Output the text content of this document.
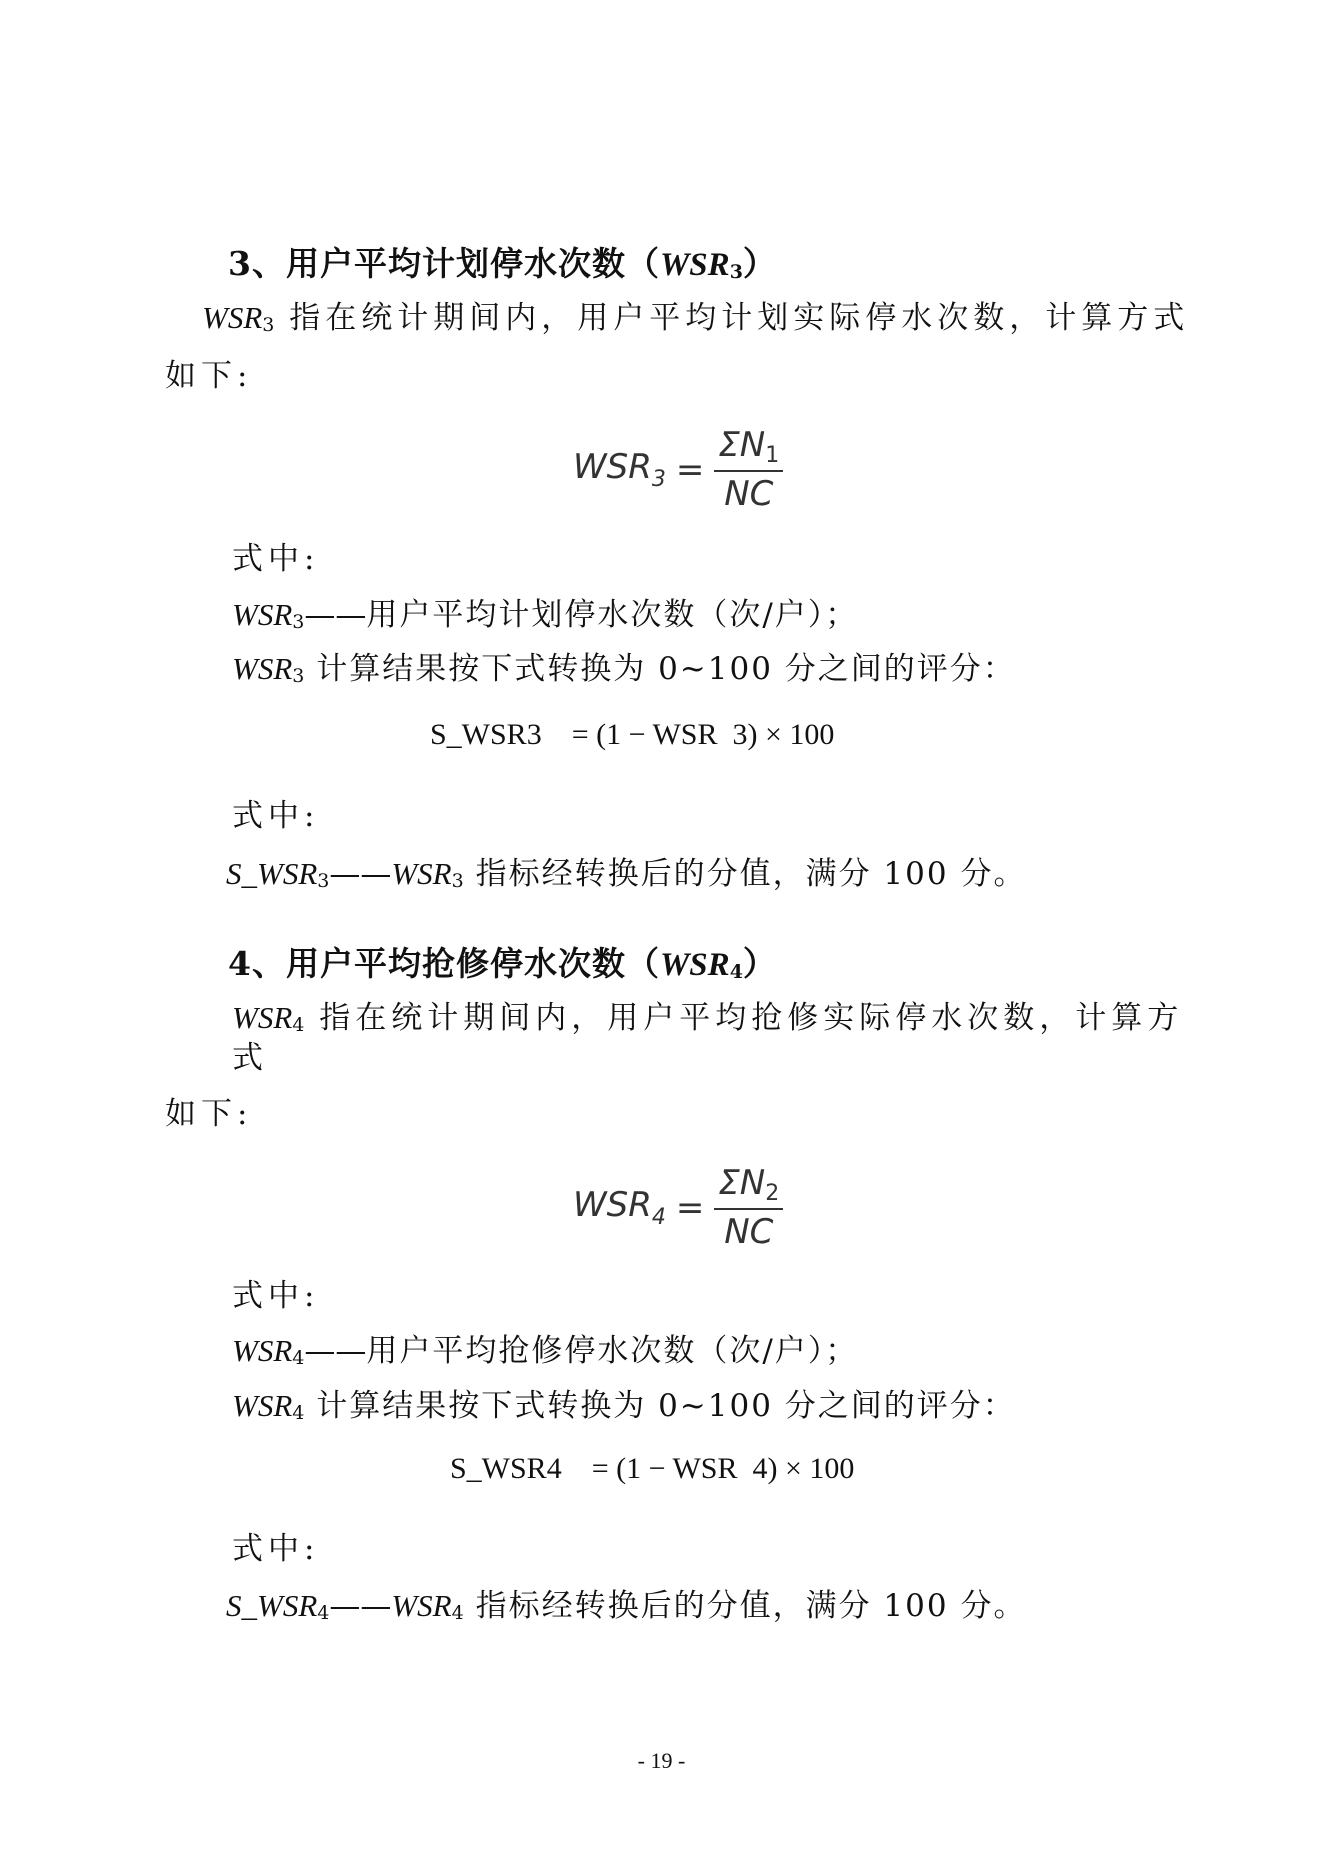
3、用户平均计划停水次数$(WSR_3)$
$WSR_3$ 指在统计期间内，用户平均计划实际停水次数，计算方式
如下:
$WSR_3 = \frac{\Sigma N_1}{NC}$
式中:
$WSR_3——$用户平均计划停水次数（次/户）；
$WSR_3$ 计算结果按下式转换为 0~100 分之间的评分：
S_WSR3    = (1 − WSR  3) × 100
式中:
$S\_WSR_3——WSR_3$ 指标经转换后的分值，满分 100 分。
4、用户平均抢修停水次数$(WSR_4)$
$WSR_4$ 指在统计期间内，用户平均抢修实际停水次数，计算方
式
如下:
$WSR_4 = \frac{\Sigma N_2}{NC}$
式中:
$WSR_4——$用户平均抢修停水次数（次/户）；
$WSR_4$ 计算结果按下式转换为 0~100 分之间的评分：
S_WSR4    = (1 − WSR  4) × 100
式中:
$S\_WSR_4——WSR_4$ 指标经转换后的分值，满分 100 分。
- 19 -
